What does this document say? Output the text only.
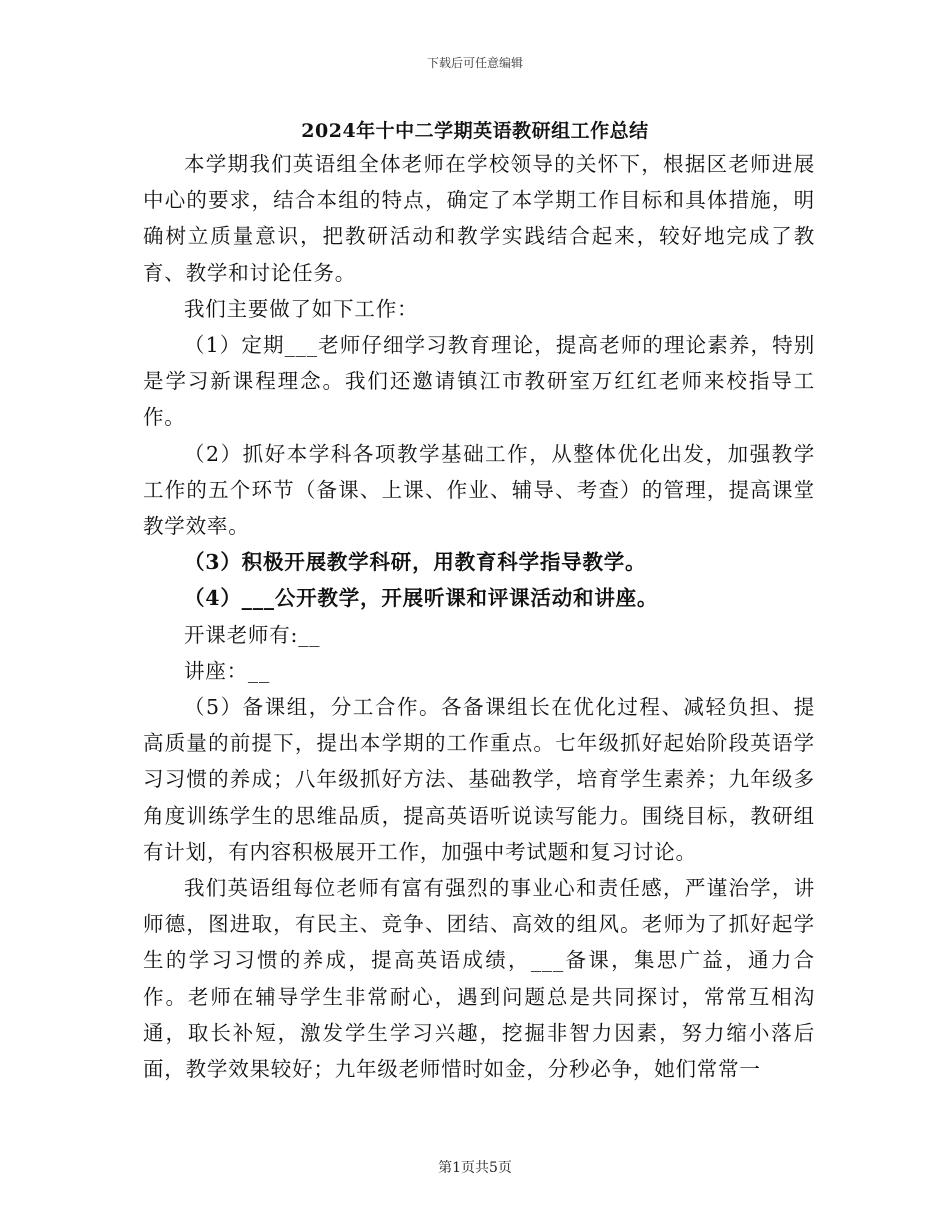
下载后可任意编辑
2024年十中二学期英语教研组工作总结

本学期我们英语组全体老师在学校领导的关怀下，根据区老师进展中心的要求，结合本组的特点，确定了本学期工作目标和具体措施，明确树立质量意识，把教研活动和教学实践结合起来，较好地完成了教育、教学和讨论任务。

我们主要做了如下工作：

（1）定期___老师仔细学习教育理论，提高老师的理论素养，特别是学习新课程理念。我们还邀请镇江市教研室万红红老师来校指导工作。

（2）抓好本学科各项教学基础工作，从整体优化出发，加强教学工作的五个环节（备课、上课、作业、辅导、考查）的管理，提高课堂教学效率。

（3）积极开展教学科研，用教育科学指导教学。

（4）___公开教学，开展听课和评课活动和讲座。

开课老师有:__

讲座：__

（5）备课组，分工合作。各备课组长在优化过程、减轻负担、提高质量的前提下，提出本学期的工作重点。七年级抓好起始阶段英语学习习惯的养成；八年级抓好方法、基础教学，培育学生素养；九年级多角度训练学生的思维品质，提高英语听说读写能力。围绕目标，教研组有计划，有内容积极展开工作，加强中考试题和复习讨论。

我们英语组每位老师有富有强烈的事业心和责任感，严谨治学，讲师德，图进取，有民主、竞争、团结、高效的组风。老师为了抓好起学生的学习习惯的养成，提高英语成绩，___备课，集思广益，通力合作。老师在辅导学生非常耐心，遇到问题总是共同探讨，常常互相沟通，取长补短，激发学生学习兴趣，挖掘非智力因素，努力缩小落后面，教学效果较好；九年级老师惜时如金，分秒必争，她们常常一

第1页共5页
